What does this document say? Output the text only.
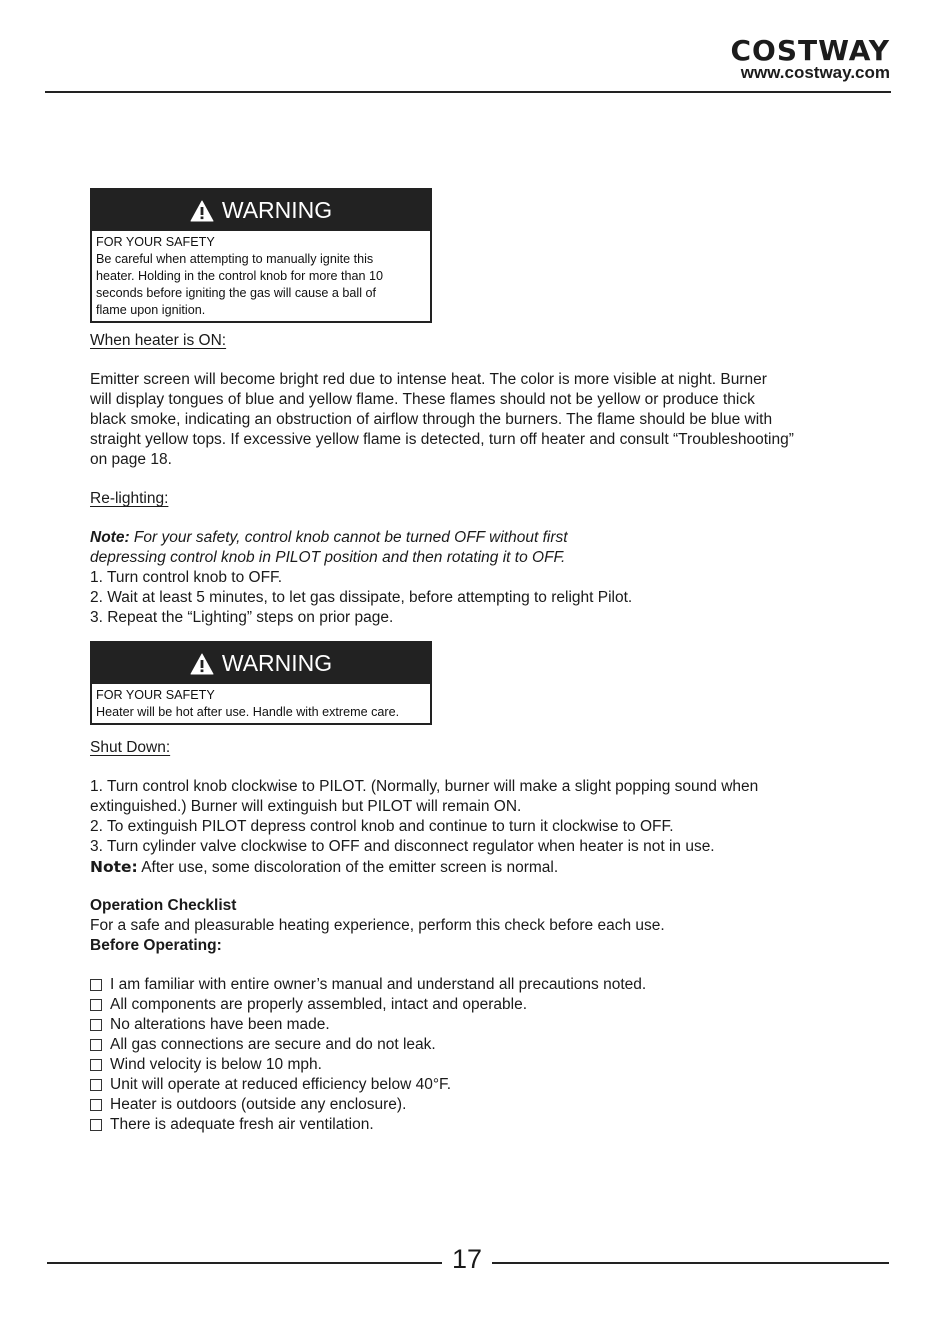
COSTWAY
www.costway.com
WARNING
FOR YOUR SAFETY
Be careful when attempting to manually ignite this
heater. Holding in the control knob for more than 10
seconds before igniting the gas will cause a ball of
flame upon ignition.
When heater is ON:
Emitter screen will become bright red due to intense heat. The color is more visible at night. Burner
will display tongues of blue and yellow flame. These flames should not be yellow or produce thick
black smoke, indicating an obstruction of airflow through the burners. The flame should be blue with
straight yellow tops. If excessive yellow flame is detected, turn off heater and consult “Troubleshooting”
on page 18.
Re-lighting:
Note: For your safety, control knob cannot be turned OFF without first
depressing control knob in PILOT position and then rotating it to OFF.
1. Turn control knob to OFF.
2. Wait at least 5 minutes, to let gas dissipate, before attempting to relight Pilot.
3. Repeat the “Lighting” steps on prior page.
WARNING
FOR YOUR SAFETY
Heater will be hot after use. Handle with extreme care.
Shut Down:
1. Turn control knob clockwise to PILOT. (Normally, burner will make a slight popping sound when
extinguished.) Burner will extinguish but PILOT will remain ON.
2. To extinguish PILOT depress control knob and continue to turn it clockwise to OFF.
3. Turn cylinder valve clockwise to OFF and disconnect regulator when heater is not in use.
Note: After use, some discoloration of the emitter screen is normal.
Operation Checklist
For a safe and pleasurable heating experience, perform this check before each use.
Before Operating:
I am familiar with entire owner’s manual and understand all precautions noted.
All components are properly assembled, intact and operable.
No alterations have been made.
All gas connections are secure and do not leak.
Wind velocity is below 10 mph.
Unit will operate at reduced efficiency below 40°F.
Heater is outdoors (outside any enclosure).
There is adequate fresh air ventilation.
17
